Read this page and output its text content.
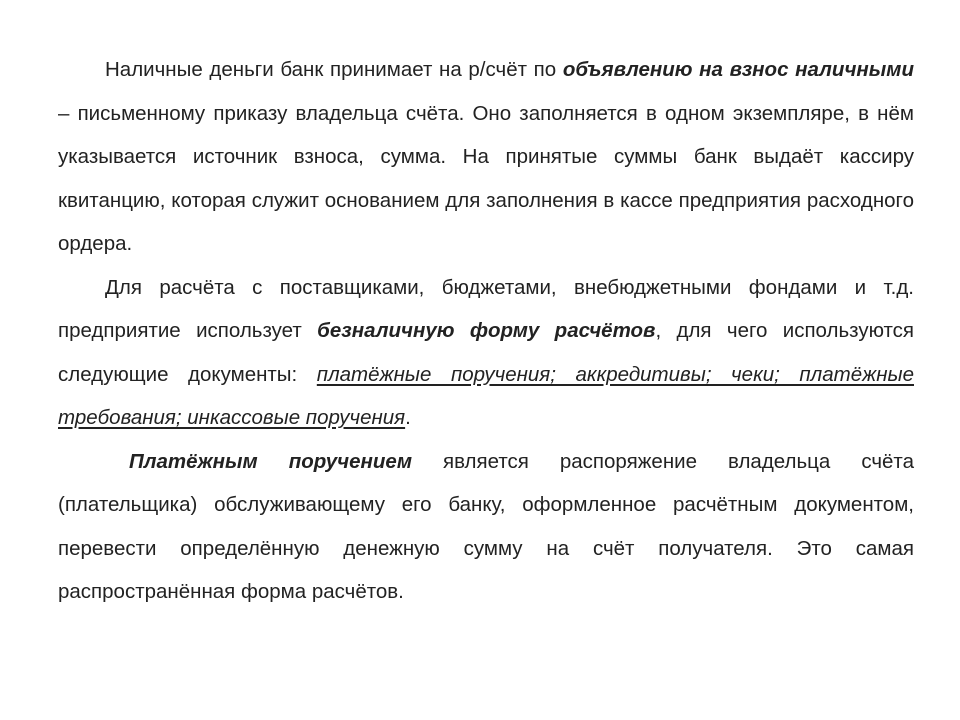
Наличные деньги банк принимает на р/счёт по объявлению на взнос наличными – письменному приказу владельца счёта. Оно заполняется в одном экземпляре, в нём указывается источник взноса, сумма. На принятые суммы банк выдаёт кассиру квитанцию, которая служит основанием для заполнения в кассе предприятия расходного ордера.

Для расчёта с поставщиками, бюджетами, внебюджетными фондами и т.д. предприятие использует безналичную форму расчётов, для чего используются следующие документы: платёжные поручения; аккредитивы; чеки; платёжные требования; инкассовые поручения.

Платёжным поручением является распоряжение владельца счёта (плательщика) обслуживающему его банку, оформленное расчётным документом, перевести определённую денежную сумму на счёт получателя. Это самая распространённая форма расчётов.
